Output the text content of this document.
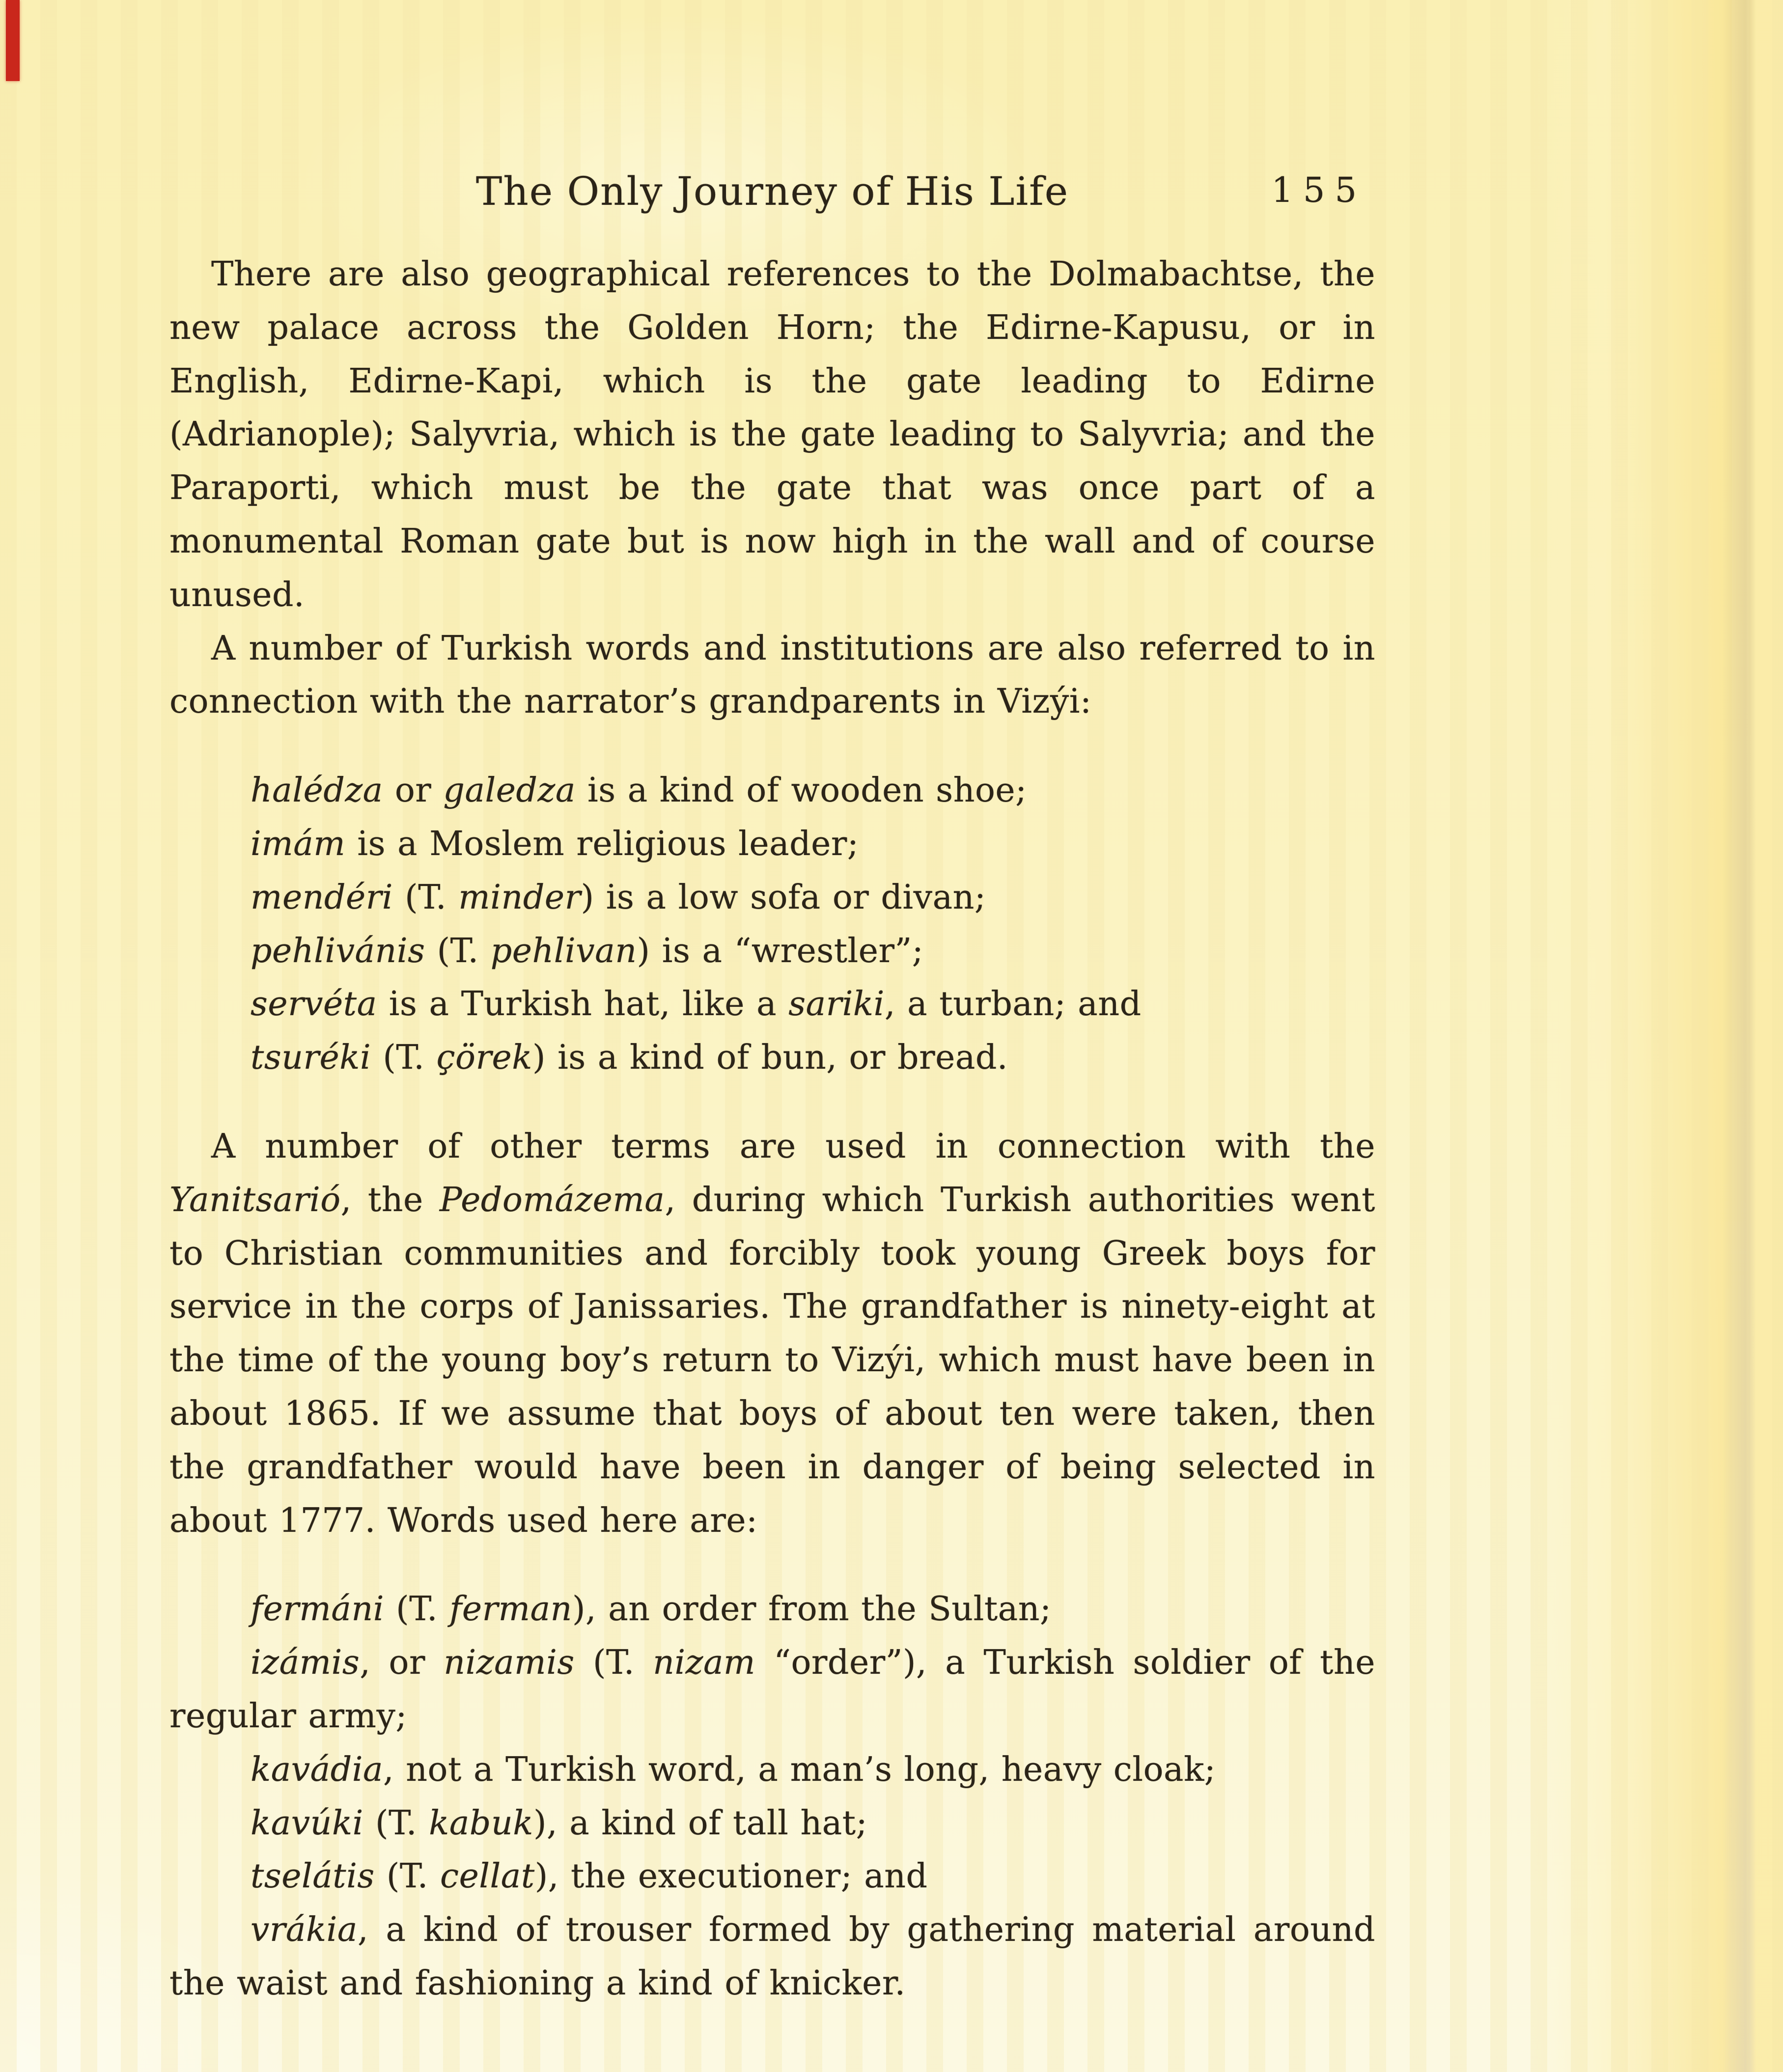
The Only Journey of His Life	155

There are also geographical references to the Dolmabachtse, the new palace across the Golden Horn; the Edirne-Kapusu, or in English, Edirne-Kapi, which is the gate leading to Edirne (Adrianople); Salyvria, which is the gate leading to Salyvria; and the Paraporti, which must be the gate that was once part of a monumental Roman gate but is now high in the wall and of course unused.

A number of Turkish words and institutions are also referred to in connection with the narrator’s grandparents in Vizýi:

halédza or galedza is a kind of wooden shoe;

imám is a Moslem religious leader;

mendéri (T. minder) is a low sofa or divan;

pehlivánis (T. pehlivan) is a “wrestler”;

servéta is a Turkish hat, like a sariki, a turban; and

tsuréki (T. çörek) is a kind of bun, or bread.

A number of other terms are used in connection with the Yanitsarió, the Pedomázema, during which Turkish authorities went to Christian communities and forcibly took young Greek boys for service in the corps of Janissaries. The grandfather is ninety-eight at the time of the young boy’s return to Vizýi, which must have been in about 1865. If we assume that boys of about ten were taken, then the grandfather would have been in danger of being selected in about 1777. Words used here are:

fermáni (T. ferman), an order from the Sultan;

izámis, or nizamis (T. nizam “order”), a Turkish soldier of the regular army;

kavádia, not a Turkish word, a man’s long, heavy cloak;

kavúki (T. kabuk), a kind of tall hat;

tselátis (T. cellat), the executioner; and

vrákia, a kind of trouser formed by gathering material around the waist and fashioning a kind of knicker.
